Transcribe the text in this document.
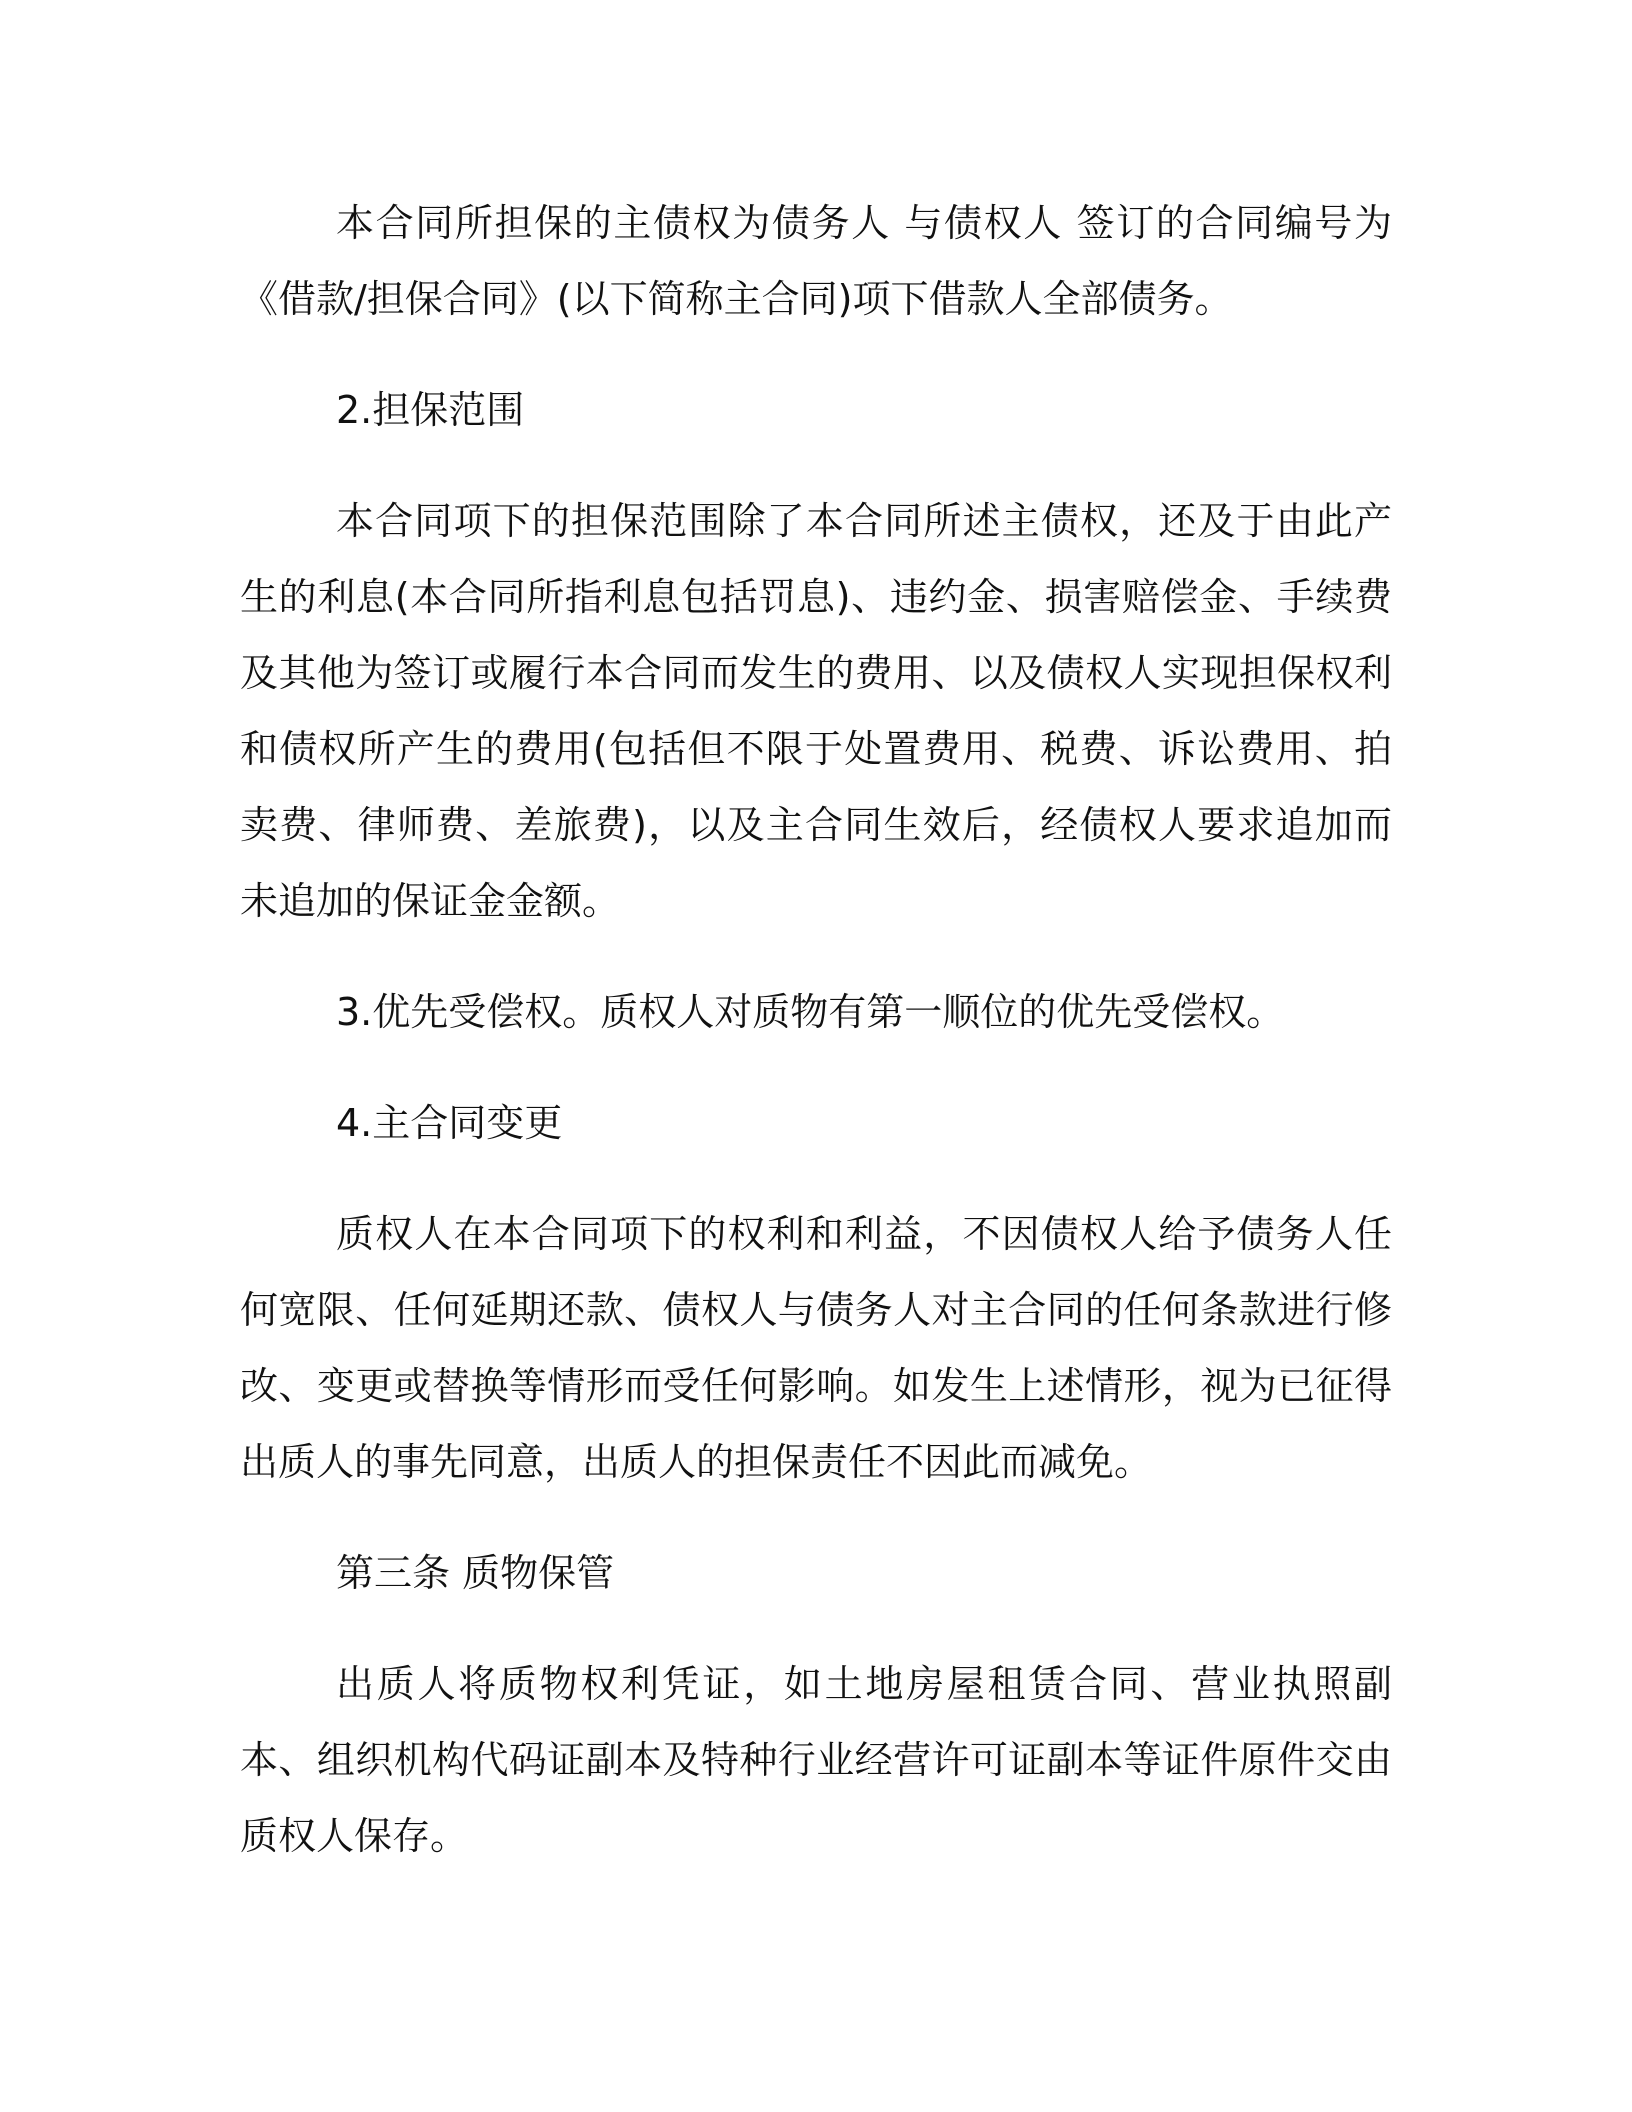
本合同所担保的主债权为债务人 与债权人 签订的合同编号为 《借款/担保合同》(以下简称主合同)项下借款人全部债务。

2.担保范围

本合同项下的担保范围除了本合同所述主债权，还及于由此产生的利息(本合同所指利息包括罚息)、违约金、损害赔偿金、手续费及其他为签订或履行本合同而发生的费用、以及债权人实现担保权利和债权所产生的费用(包括但不限于处置费用、税费、诉讼费用、拍卖费、律师费、差旅费)，以及主合同生效后，经债权人要求追加而未追加的保证金金额。

3.优先受偿权。质权人对质物有第一顺位的优先受偿权。

4.主合同变更

质权人在本合同项下的权利和利益，不因债权人给予债务人任何宽限、任何延期还款、债权人与债务人对主合同的任何条款进行修改、变更或替换等情形而受任何影响。如发生上述情形，视为已征得出质人的事先同意，出质人的担保责任不因此而减免。

第三条 质物保管

出质人将质物权利凭证，如土地房屋租赁合同、营业执照副本、组织机构代码证副本及特种行业经营许可证副本等证件原件交由质权人保存。
